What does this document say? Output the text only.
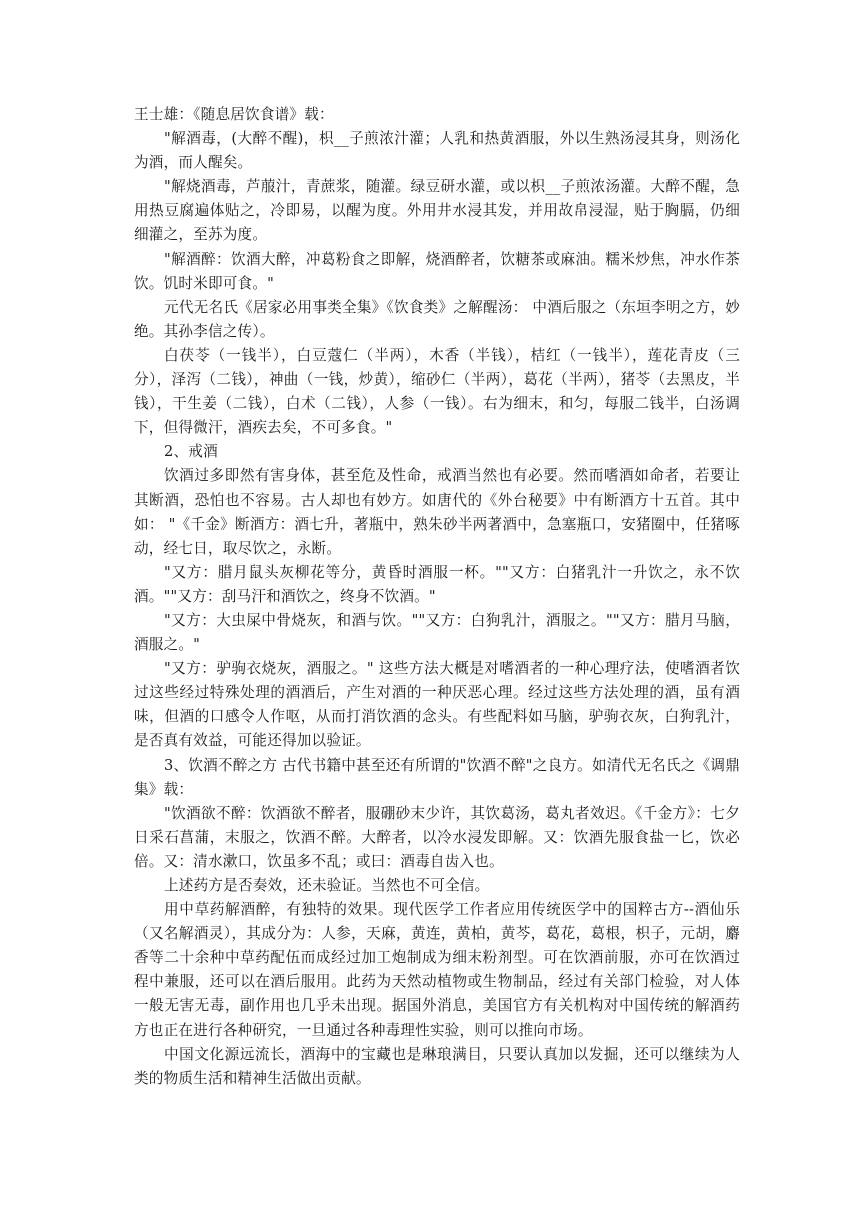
王士雄：《随息居饮食谱》载：

"解酒毒，(大醉不醒)，枳__子煎浓汁灌；人乳和热黄酒服，外以生熟汤浸其身，则汤化为酒，而人醒矣。

"解烧酒毒，芦菔汁，青蔗浆，随灌。绿豆研水灌，或以枳__子煎浓汤灌。大醉不醒，急用热豆腐遍体贴之，冷即易，以醒为度。外用井水浸其发，并用故帛浸湿，贴于胸膈，仍细细灌之，至苏为度。

"解酒醉：饮酒大醉，冲葛粉食之即解，烧酒醉者，饮糖茶或麻油。糯米炒焦，冲水作茶饮。饥时米即可食。"

元代无名氏《居家必用事类全集》《饮食类》之解醒汤： 中酒后服之（东垣李明之方，妙绝。其孙李信之传）。

白茯苓（一钱半），白豆蔻仁（半两），木香（半钱），桔红（一钱半），莲花青皮（三分），泽泻（二钱），神曲（一钱，炒黄），缩砂仁（半两），葛花（半两），猪苓（去黑皮，半钱），干生姜（二钱），白术（二钱），人参（一钱）。右为细末，和匀，每服二钱半，白汤调下，但得微汗，酒疾去矣，不可多食。"

2、戒酒

饮酒过多即然有害身体，甚至危及性命，戒酒当然也有必要。然而嗜酒如命者，若要让其断酒，恐怕也不容易。古人却也有妙方。如唐代的《外台秘要》中有断酒方十五首。其中如： "《千金》断酒方：酒七升，著瓶中，熟朱砂半两著酒中，急塞瓶口，安猪圈中，任猪啄动，经七日，取尽饮之，永断。

"又方：腊月鼠头灰柳花等分，黄昏时酒服一杯。""又方：白猪乳汁一升饮之，永不饮酒。""又方：刮马汗和酒饮之，终身不饮酒。"

"又方：大虫屎中骨烧灰，和酒与饮。""又方：白狗乳汁，酒服之。""又方：腊月马脑，酒服之。"

"又方：驴驹衣烧灰，酒服之。" 这些方法大概是对嗜酒者的一种心理疗法，使嗜酒者饮过这些经过特殊处理的酒酒后，产生对酒的一种厌恶心理。经过这些方法处理的酒，虽有酒味，但酒的口感令人作呕，从而打消饮酒的念头。有些配料如马脑，驴驹衣灰，白狗乳汁，是否真有效益，可能还得加以验证。

3、饮酒不醉之方 古代书籍中甚至还有所谓的"饮酒不醉"之良方。如清代无名氏之《调鼎集》载：

"饮酒欲不醉：饮酒欲不醉者，服硼砂末少许，其饮葛汤，葛丸者效迟。《千金方》：七夕日采石菖蒲，末服之，饮酒不醉。大醉者，以冷水浸发即解。又：饮酒先服食盐一匕，饮必倍。又：清水漱口，饮虽多不乱；或曰：酒毒自齿入也。

上述药方是否奏效，还未验证。当然也不可全信。

用中草药解酒醉，有独特的效果。现代医学工作者应用传统医学中的国粹古方--酒仙乐（又名解酒灵），其成分为：人参，天麻，黄连，黄柏，黄芩，葛花，葛根，枳子，元胡，麝香等二十余种中草药配伍而成经过加工炮制成为细末粉剂型。可在饮酒前服，亦可在饮酒过程中兼服，还可以在酒后服用。此药为天然动植物或生物制品，经过有关部门检验，对人体一般无害无毒，副作用也几乎未出现。据国外消息，美国官方有关机构对中国传统的解酒药方也正在进行各种研究，一旦通过各种毒理性实验，则可以推向市场。

中国文化源远流长，酒海中的宝藏也是琳琅满目，只要认真加以发掘，还可以继续为人类的物质生活和精神生活做出贡献。
